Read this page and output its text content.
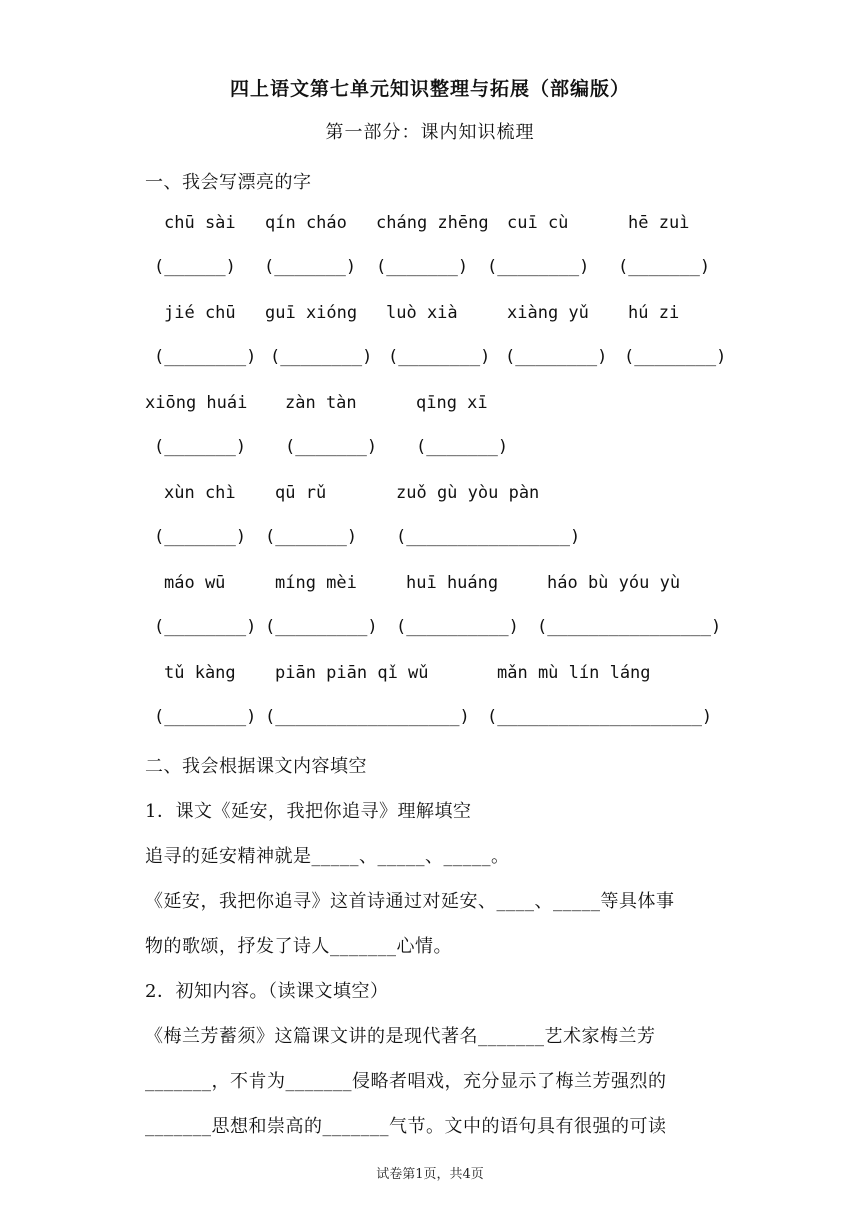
四上语文第七单元知识整理与拓展（部编版）
第一部分：课内知识梳理
一、我会写漂亮的字
chū sài qín cháo cháng zhēng cuī cù	hē zuì
(______) (_______) (_______) (________) (_______)
jié chū guī xióng luò xià	xiàng yǔ hú zi
(________) (________) (________) (________) (________)
xiōng huái zàn tàn	qīng xī
(_______) (_______) (_______)
xùn chì qū rǔ	zuǒ gù yòu pàn
(_______) (_______) (________________)
máo wū	míng mèi	huī huáng	háo bù yóu yù
(________) (_________) (__________) (________________)
tǔ kàng piān piān qǐ wǔ	mǎn mù lín láng
(________) (__________________) (____________________)
二、我会根据课文内容填空
1．课文《延安，我把你追寻》理解填空
追寻的延安精神就是_____、_____、_____。
《延安，我把你追寻》这首诗通过对延安、____、_____等具体事
物的歌颂，抒发了诗人_______心情。
2．初知内容。（读课文填空）
《梅兰芳蓄须》这篇课文讲的是现代著名_______艺术家梅兰芳
_______，不肯为_______侵略者唱戏，充分显示了梅兰芳强烈的
_______思想和崇高的_______气节。文中的语句具有很强的可读
试卷第1页，共4页
